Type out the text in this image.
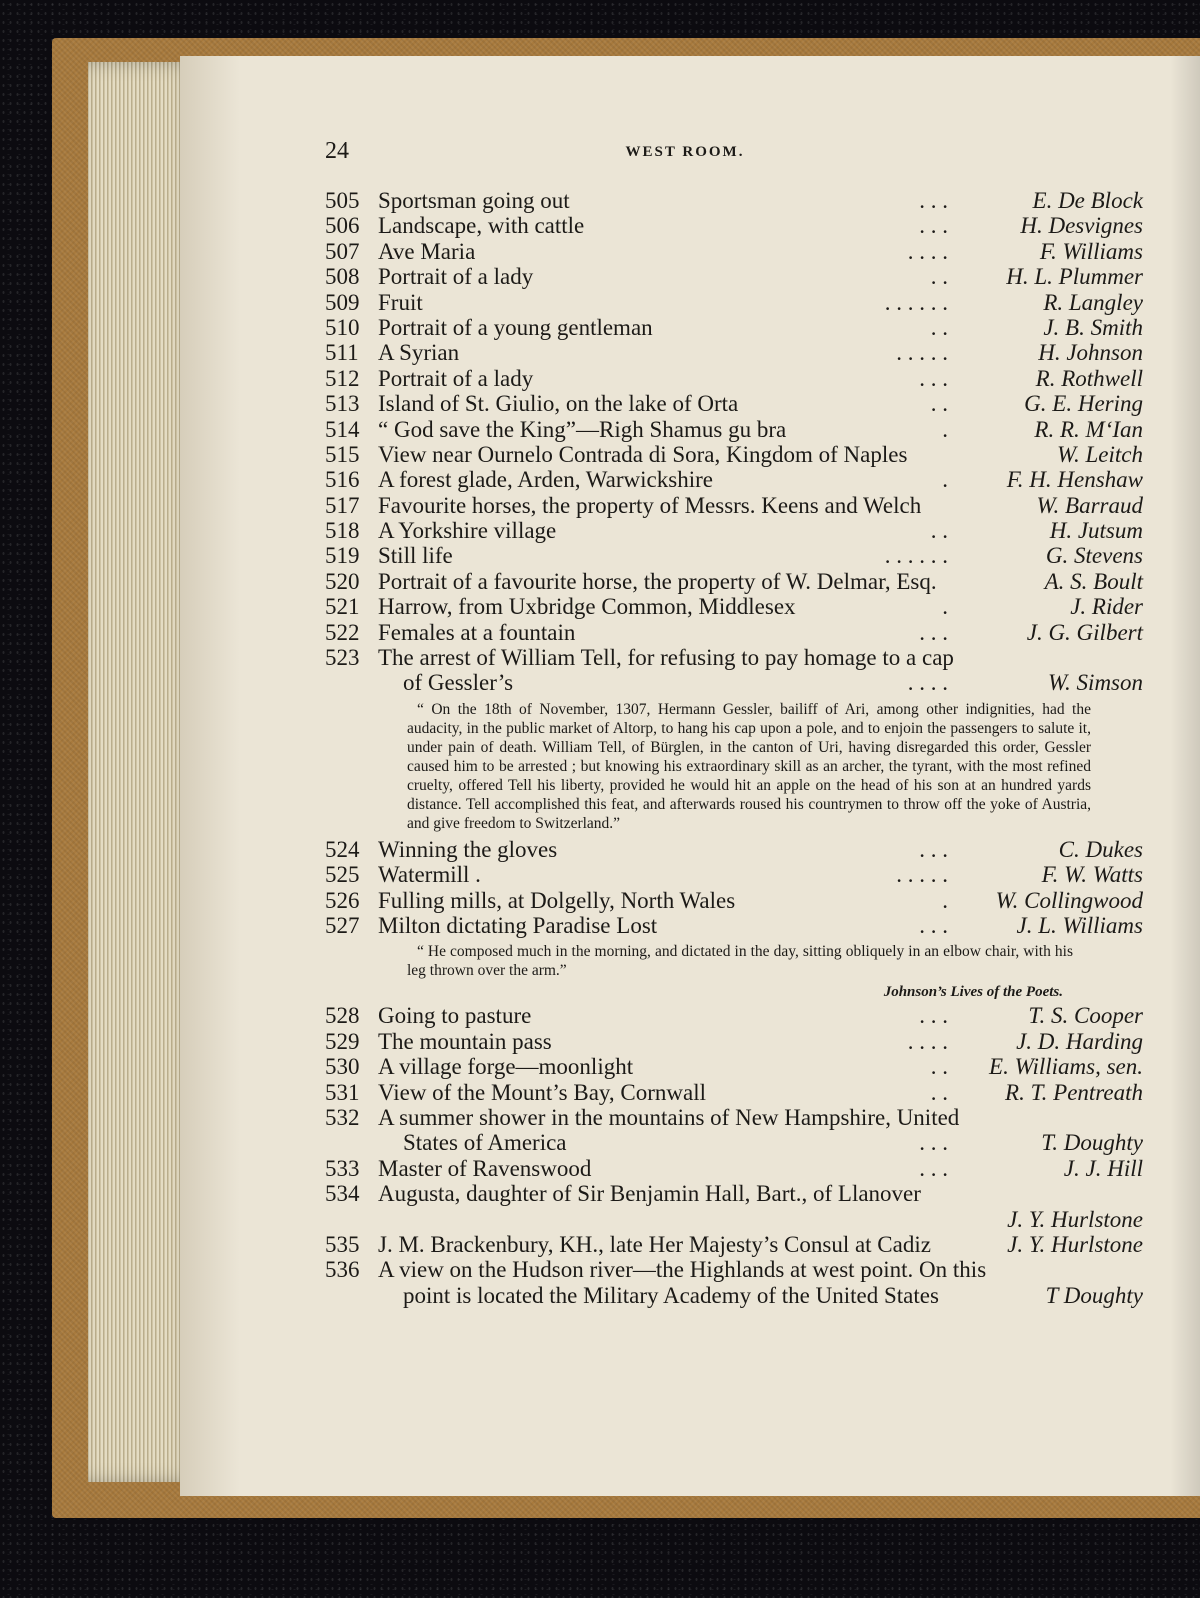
24	WEST ROOM.
505 Sportsman going out	. . .	E. De Block
506 Landscape, with cattle	. . .	H. Desvignes
507 Ave Maria	. . . .	F. Williams
508 Portrait of a lady	. .	H. L. Plummer
509 Fruit	. . . . . .	R. Langley
510 Portrait of a young gentleman	. .	J. B. Smith
511 A Syrian	. . . . .	H. Johnson
512 Portrait of a lady	. . .	R. Rothwell
513 Island of St. Giulio, on the lake of Orta	. .	G. E. Hering
514 “ God save the King”—Righ Shamus gu bra	.	R. R. M‘Ian
515 View near Ournelo Contrada di Sora, Kingdom of Naples	W. Leitch
516 A forest glade, Arden, Warwickshire	.	F. H. Henshaw
517 Favourite horses, the property of Messrs. Keens and Welch	W. Barraud
518 A Yorkshire village	. .	H. Jutsum
519 Still life	. . . . . .	G. Stevens
520 Portrait of a favourite horse, the property of W. Delmar, Esq.	A. S. Boult
521 Harrow, from Uxbridge Common, Middlesex	.	J. Rider
522 Females at a fountain	. . .	J. G. Gilbert
523 The arrest of William Tell, for refusing to pay homage to a cap
of Gessler’s	. . . .	W. Simson

“ On the 18th of November, 1307, Hermann Gessler, bailiff of Ari, among other indignities, had the audacity, in the public market of Altorp, to hang his cap upon a pole, and to enjoin the passengers to salute it, under pain of death. William Tell, of Bürglen, in the canton of Uri, having disregarded this order, Gessler caused him to be arrested ; but knowing his extraordinary skill as an archer, the tyrant, with the most refined cruelty, offered Tell his liberty, provided he would hit an apple on the head of his son at an hundred yards distance. Tell accomplished this feat, and afterwards roused his countrymen to throw off the yoke of Austria, and give freedom to Switzerland.”

524 Winning the gloves	. . .	C. Dukes
525 Watermill .	. . . . .	F. W. Watts
526 Fulling mills, at Dolgelly, North Wales	. W. Collingwood
527 Milton dictating Paradise Lost	. . .	J. L. Williams

“ He composed much in the morning, and dictated in the day, sitting obliquely in an elbow chair, with his leg thrown over the arm.”

Johnson’s Lives of the Poets.
528 Going to pasture	. . .	T. S. Cooper
529 The mountain pass	. . . .	J. D. Harding
530 A village forge—moonlight	. . E. Williams, sen.
531 View of the Mount’s Bay, Cornwall	. . R. T. Pentreath
532 A summer shower in the mountains of New Hampshire, United
States of America	. . .	T. Doughty
533 Master of Ravenswood	. . .	J. J. Hill
534 Augusta, daughter of Sir Benjamin Hall, Bart., of Llanover
J. Y. Hurlstone
535 J. M. Brackenbury, KH., late Her Majesty’s Consul at Cadiz	J. Y. Hurlstone
536 A view on the Hudson river—the Highlands at west point. On this
point is located the Military Academy of the United States	T Doughty
